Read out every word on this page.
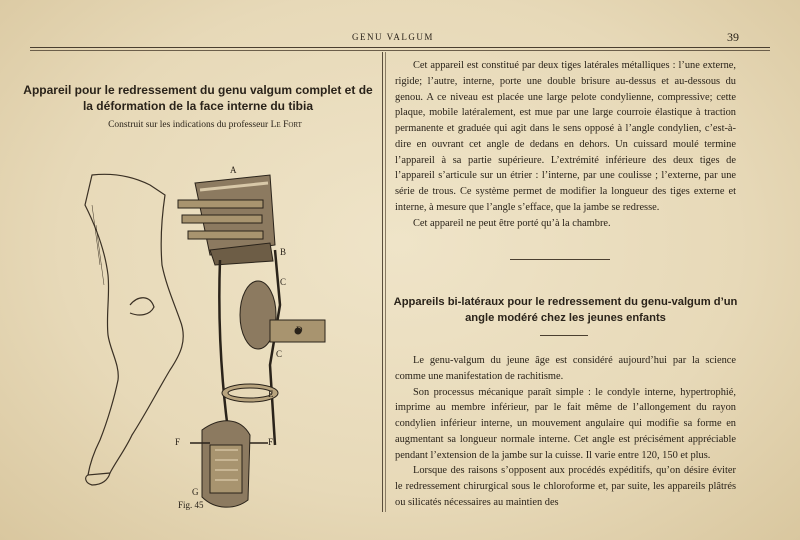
GENU VALGUM	39
Appareil pour le redressement du genu valgum complet et de la déformation de la face interne du tibia
Construit sur les indications du professeur Le Fort
A
B
C
D
C
E
F	F
G
Fig. 45

Cet appareil est constitué par deux tiges latérales métalliques : l’une externe, rigide; l’autre, interne, porte une double brisure au-dessus et au-dessous du genou. A ce niveau est placée une large pelote condylienne, compressive; cette plaque, mobile latéralement, est mue par une large courroie élastique à traction permanente et graduée qui agit dans le sens opposé à l’angle condylien, c’est-à-dire en ouvrant cet angle de dedans en dehors. Un cuissard moulé termine l’appareil à sa partie supérieure. L’extrémité inférieure des deux tiges de l’appareil s’articule sur un étrier : l’interne, par une coulisse ; l’externe, par une série de trous. Ce système permet de modifier la longueur des tiges externe et interne, à mesure que l’angle s’efface, que la jambe se redresse.

Cet appareil ne peut être porté qu’à la chambre.

Appareils bi-latéraux pour le redressement du genu-valgum d’un angle modéré chez les jeunes enfants

Le genu-valgum du jeune âge est considéré aujourd’hui par la science comme une manifestation de rachitisme.

Son processus mécanique paraît simple : le condyle interne, hypertrophié, imprime au membre inférieur, par le fait même de l’allongement du rayon condylien inférieur interne, un mouvement angulaire qui modifie sa forme en augmentant sa longueur normale interne. Cet angle est précisément appréciable pendant l’extension de la jambe sur la cuisse. Il varie entre 120, 150 et plus.

Lorsque des raisons s’opposent aux procédés expéditifs, qu’on désire éviter le redressement chirurgical sous le chloroforme et, par suite, les appareils plâtrés ou silicatés nécessaires au maintien des
